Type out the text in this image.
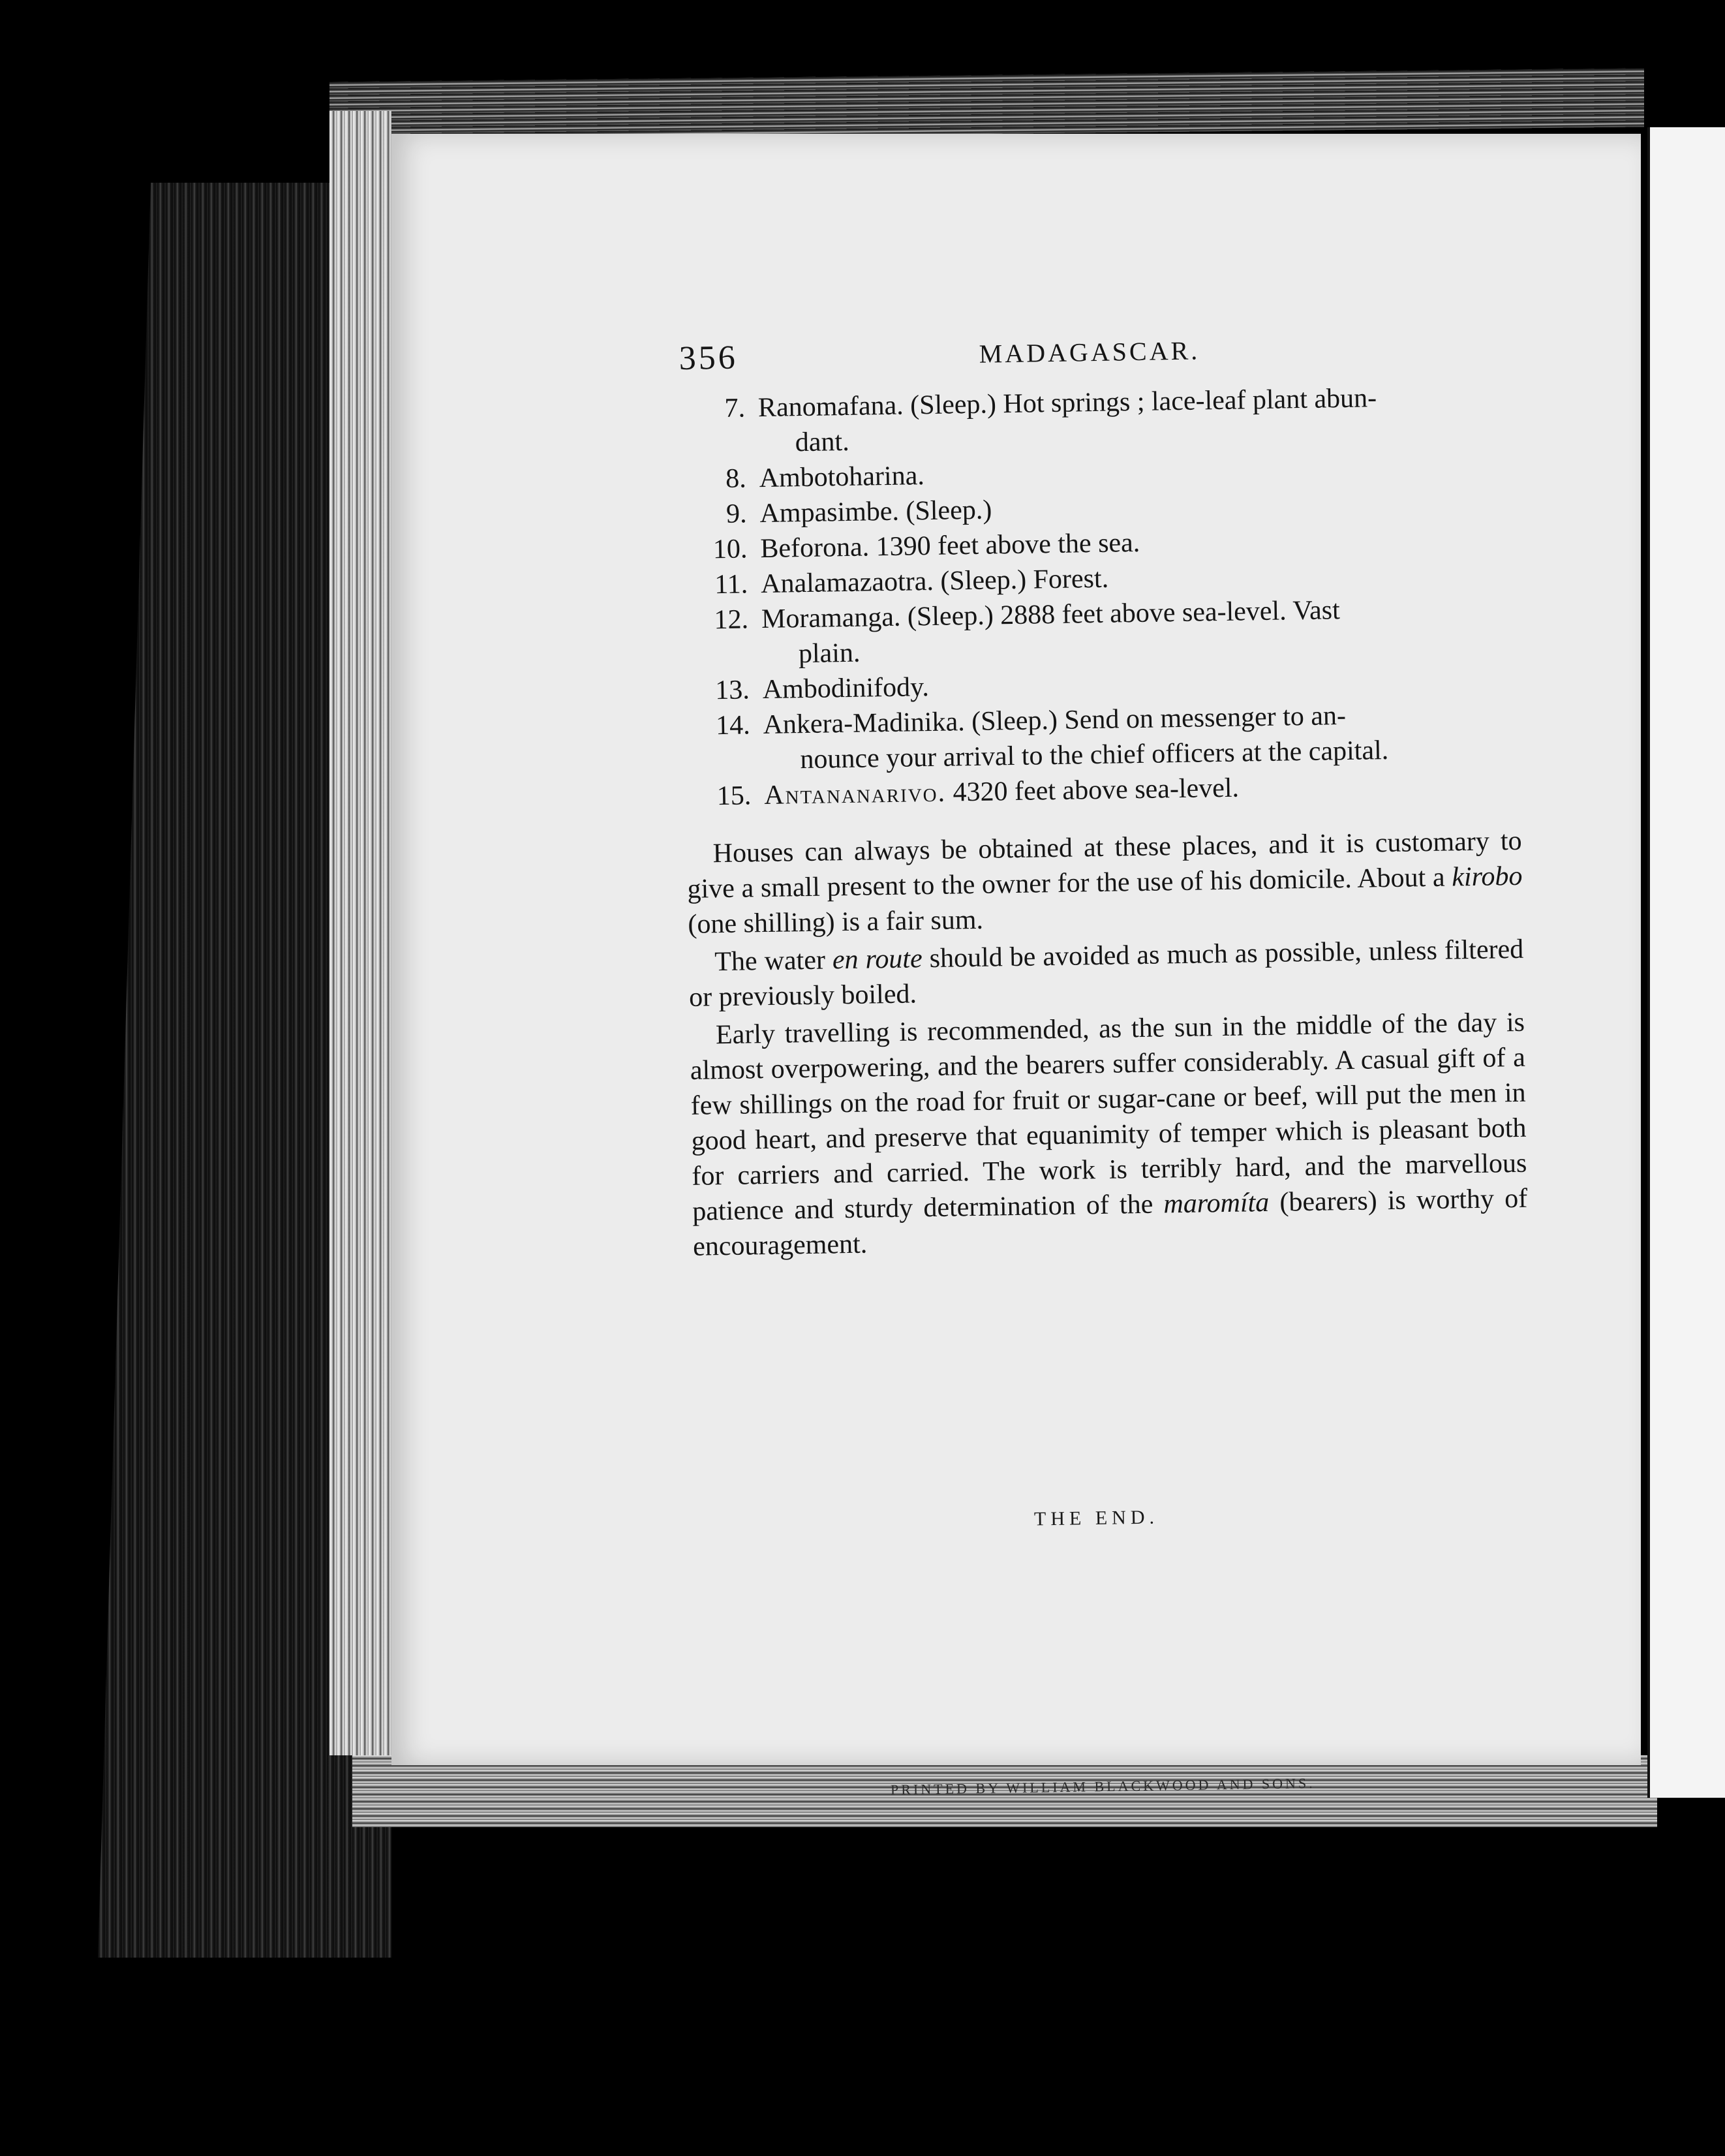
356	MADAGASCAR.
7. Ranomafana. (Sleep.) Hot springs ; lace-leaf plant abun-
dant.
8. Ambotoharina.
9. Ampasimbe. (Sleep.)
10. Beforona. 1390 feet above the sea.
11. Analamazaotra. (Sleep.) Forest.
12. Moramanga. (Sleep.) 2888 feet above sea-level. Vast
plain.
13. Ambodinifody.
14. Ankera-Madinika. (Sleep.) Send on messenger to an-
nounce your arrival to the chief officers at the capital.
15. Antananarivo. 4320 feet above sea-level.

Houses can always be obtained at these places, and it is customary to give a small present to the owner for the use of his domicile. About a kirobo (one shilling) is a fair sum.

The water en route should be avoided as much as possible, unless filtered or previously boiled.

Early travelling is recommended, as the sun in the middle of the day is almost overpowering, and the bearers suffer considerably. A casual gift of a few shillings on the road for fruit or sugar-cane or beef, will put the men in good heart, and preserve that equanimity of temper which is pleasant both for carriers and carried. The work is terribly hard, and the marvellous patience and sturdy determination of the maromíta (bearers) is worthy of encouragement.

THE END.
PRINTED BY WILLIAM BLACKWOOD AND SONS.
